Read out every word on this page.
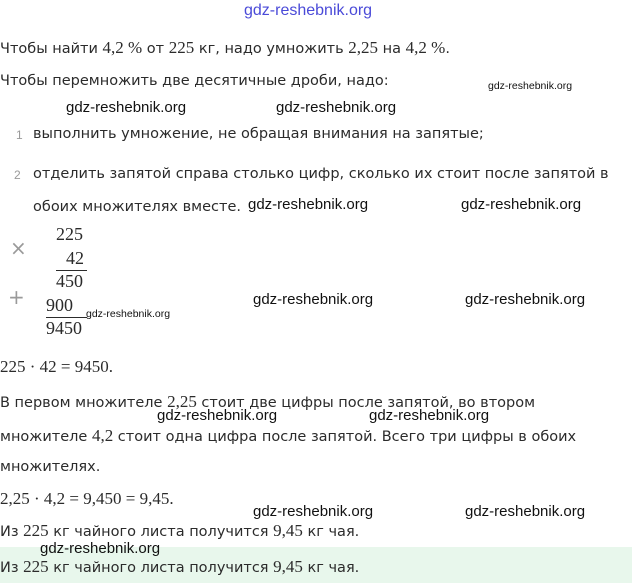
gdz-reshebnik.org
Чтобы найти 4,2 % от 225 кг, надо умножить 2,25 на 4,2 %.
Чтобы перемножить две десятичные дроби, надо:	gdz-reshebnik.org
gdz-reshebnik.org	gdz-reshebnik.org
1 выполнить умножение, не обращая внимания на запятые;
2 отделить запятой справа столько цифр, сколько их стоит после запятой в
обоих множителях вместе. gdz-reshebnik.org	gdz-reshebnik.org
×
225
42
450
+ 900
9450
gdz-reshebnik.org
gdz-reshebnik.org	gdz-reshebnik.org
225 · 42 = 9450.
В первом множителе 2,25 стоит две цифры после запятой, во втором
gdz-reshebnik.org	gdz-reshebnik.org
множителе 4,2 стоит одна цифра после запятой. Всего три цифры в обоих
множителях.
2,25 · 4,2 = 9,450 = 9,45.
Из 225 кг чайного листа получится 9,45 кг чая.
gdz-reshebnik.org	gdz-reshebnik.org
gdz-reshebnik.org
Из 225 кг чайного листа получится 9,45 кг чая.
